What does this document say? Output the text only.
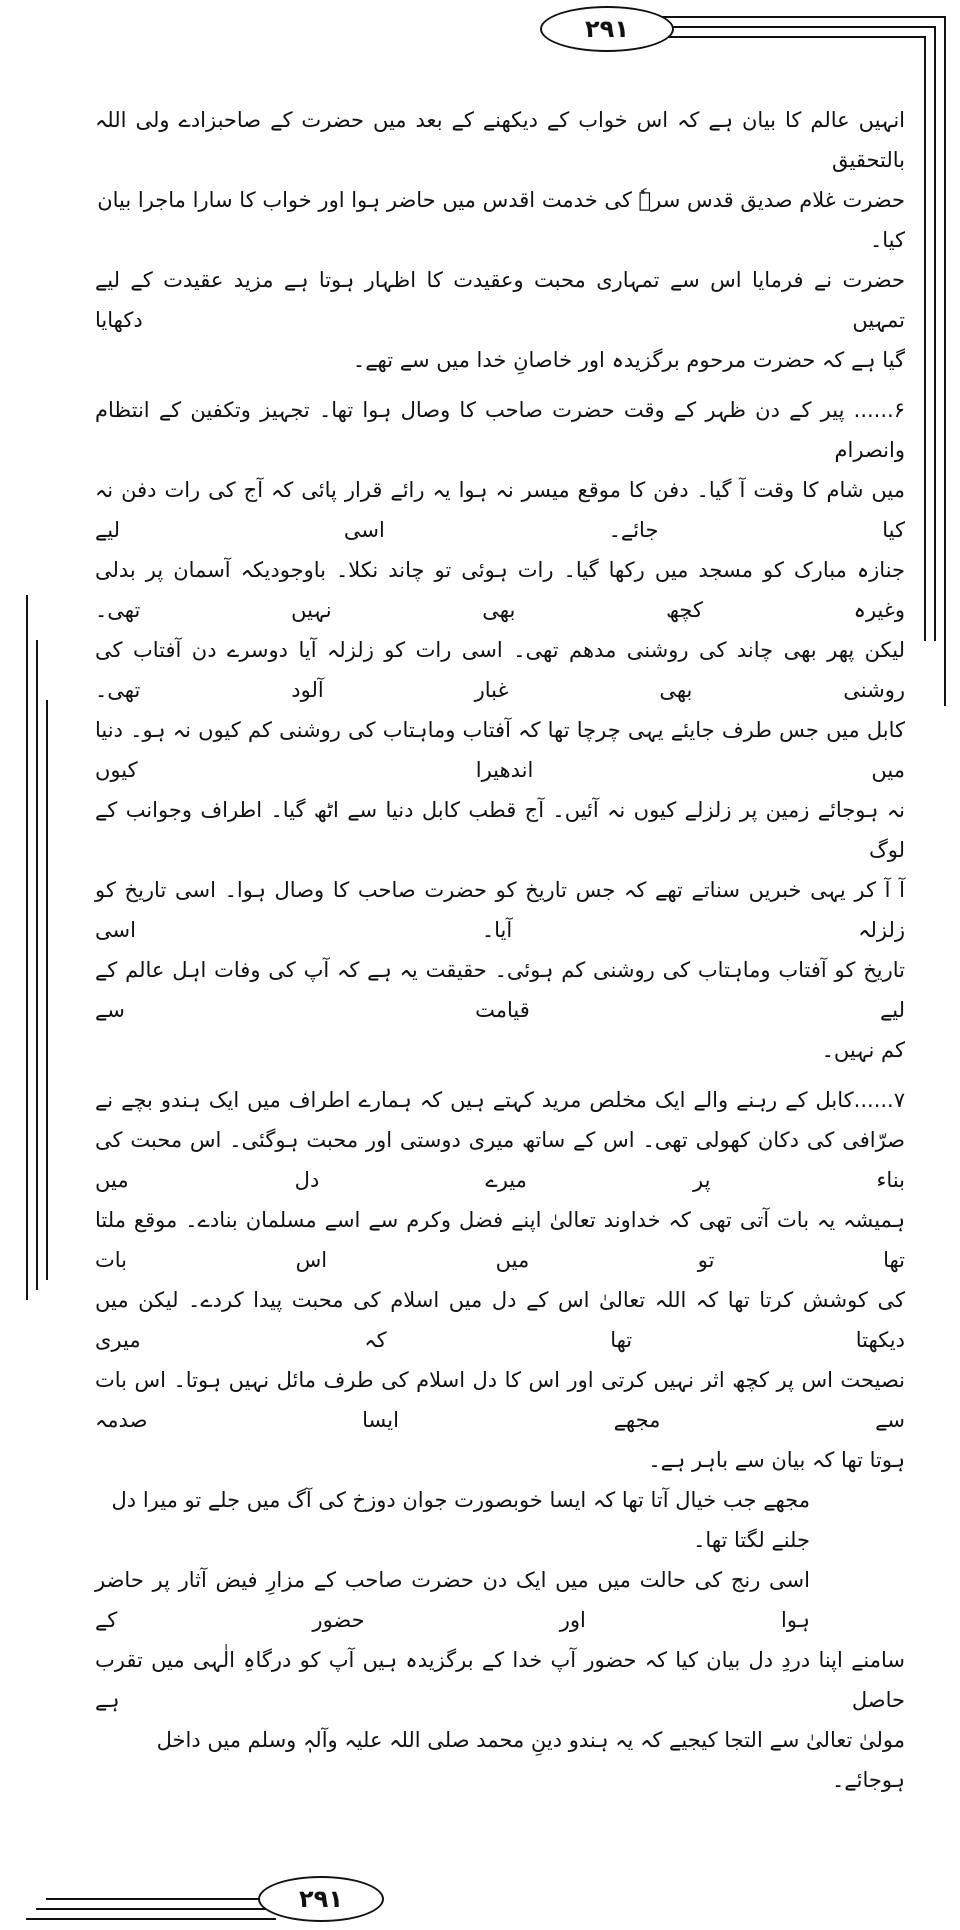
۲۹۱
انہیں عالم کا بیان ہے کہ اس خواب کے دیکھنے کے بعد میں حضرت کے صاحبزادے ولی اللہ بالتحقیق
حضرت غلام صدیق قدس سرہٗ کی خدمت اقدس میں حاضر ہوا اور خواب کا سارا ماجرا بیان کیا۔
حضرت نے فرمایا اس سے تمہاری محبت وعقیدت کا اظہار ہوتا ہے مزید عقیدت کے لیے تمہیں دکھایا
گیا ہے کہ حضرت مرحوم برگزیدہ اور خاصانِ خدا میں سے تھے۔
۶...... پیر کے دن ظہر کے وقت حضرت صاحب کا وصال ہوا تھا۔ تجہیز وتکفین کے انتظام وانصرام
میں شام کا وقت آ گیا۔ دفن کا موقع میسر نہ ہوا یہ رائے قرار پائی کہ آج کی رات دفن نہ کیا جائے۔ اسی لیے
جنازہ مبارک کو مسجد میں رکھا گیا۔ رات ہوئی تو چاند نکلا۔ باوجودیکہ آسمان پر بدلی وغیرہ کچھ بھی نہیں تھی۔
لیکن پھر بھی چاند کی روشنی مدھم تھی۔ اسی رات کو زلزلہ آیا دوسرے دن آفتاب کی روشنی بھی غبار آلود تھی۔
کابل میں جس طرف جایئے یہی چرچا تھا کہ آفتاب وماہتاب کی روشنی کم کیوں نہ ہو۔ دنیا میں اندھیرا کیوں
نہ ہوجائے زمین پر زلزلے کیوں نہ آئیں۔ آج قطب کابل دنیا سے اٹھ گیا۔ اطراف وجوانب کے لوگ
آ آ کر یہی خبریں سناتے تھے کہ جس تاریخ کو حضرت صاحب کا وصال ہوا۔ اسی تاریخ کو زلزلہ آیا۔ اسی
تاریخ کو آفتاب وماہتاب کی روشنی کم ہوئی۔ حقیقت یہ ہے کہ آپ کی وفات اہل عالم کے لیے قیامت سے
کم نہیں۔
۷......کابل کے رہنے والے ایک مخلص مرید کہتے ہیں کہ ہمارے اطراف میں ایک ہندو بچے نے
صرّافی کی دکان کھولی تھی۔ اس کے ساتھ میری دوستی اور محبت ہوگئی۔ اس محبت کی بناء پر میرے دل میں
ہمیشہ یہ بات آتی تھی کہ خداوند تعالیٰ اپنے فضل وکرم سے اسے مسلمان بنادے۔ موقع ملتا تھا تو میں اس بات
کی کوشش کرتا تھا کہ اللہ تعالیٰ اس کے دل میں اسلام کی محبت پیدا کردے۔ لیکن میں دیکھتا تھا کہ میری
نصیحت اس پر کچھ اثر نہیں کرتی اور اس کا دل اسلام کی طرف مائل نہیں ہوتا۔ اس بات سے مجھے ایسا صدمہ
ہوتا تھا کہ بیان سے باہر ہے۔
مجھے جب خیال آتا تھا کہ ایسا خوبصورت جوان دوزخ کی آگ میں جلے تو میرا دل جلنے لگتا تھا۔
اسی رنج کی حالت میں میں ایک دن حضرت صاحب کے مزارِ فیض آثار پر حاضر ہوا اور حضور کے
سامنے اپنا دردِ دل بیان کیا کہ حضور آپ خدا کے برگزیدہ ہیں آپ کو درگاہِ الٰہی میں تقرب حاصل ہے
مولیٰ تعالیٰ سے التجا کیجیے کہ یہ ہندو دینِ محمد صلی اللہ علیہ وآلہٖ وسلم میں داخل ہوجائے۔
۲۹۱
